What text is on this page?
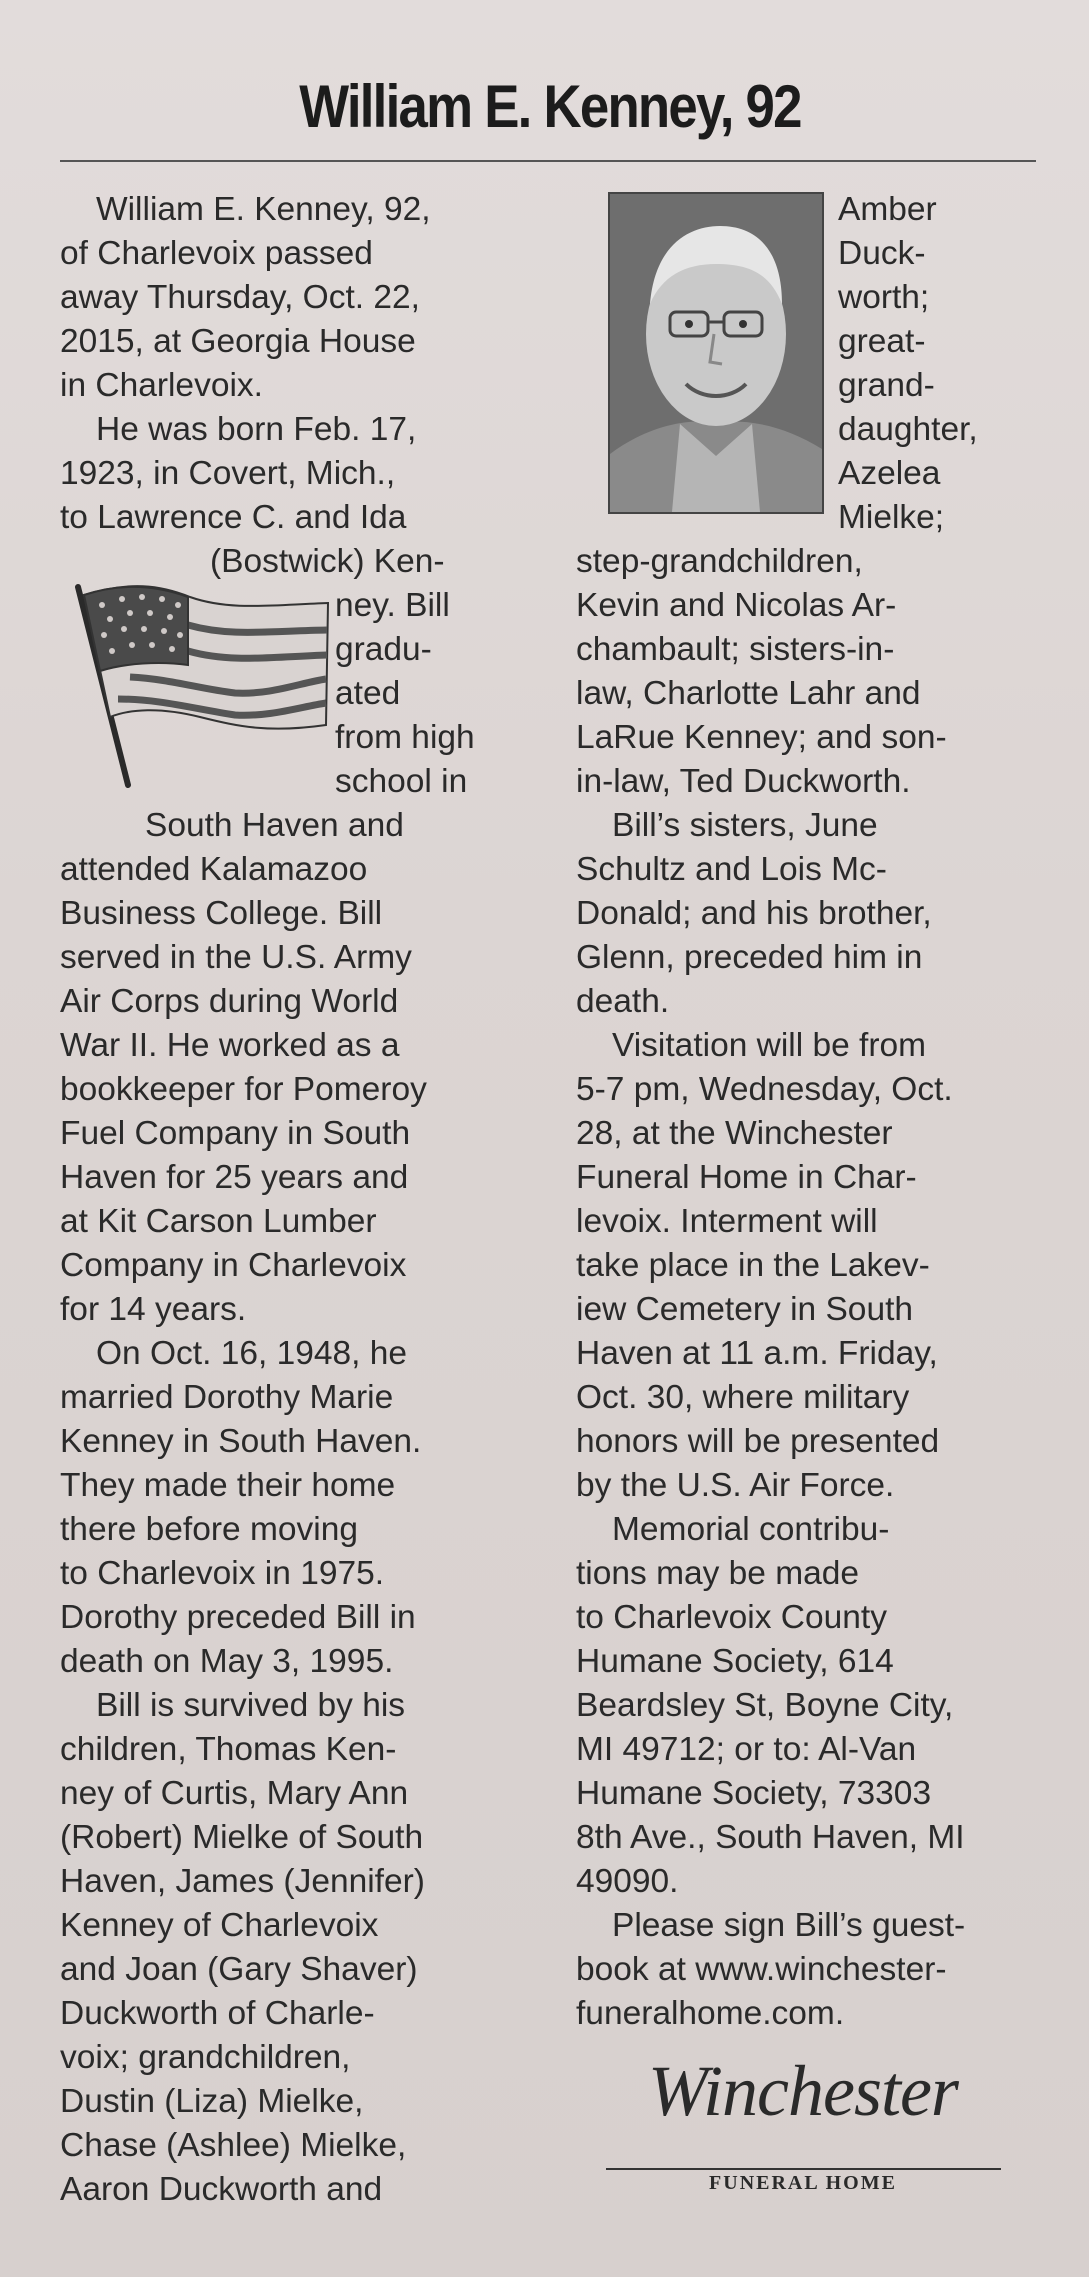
William E. Kenney, 92
William E. Kenney, 92,
of Charlevoix passed
away Thursday, Oct. 22,
2015, at Georgia House
in Charlevoix.
He was born Feb. 17,
1923, in Covert, Mich.,
to Lawrence C. and Ida
(Bostwick) Ken-
ney. Bill
gradu-
ated
from high
school in
South Haven and
attended Kalamazoo
Business College. Bill
served in the U.S. Army
Air Corps during World
War II. He worked as a
bookkeeper for Pomeroy
Fuel Company in South
Haven for 25 years and
at Kit Carson Lumber
Company in Charlevoix
for 14 years.
On Oct. 16, 1948, he
married Dorothy Marie
Kenney in South Haven.
They made their home
there before moving
to Charlevoix in 1975.
Dorothy preceded Bill in
death on May 3, 1995.
Bill is survived by his
children, Thomas Ken-
ney of Curtis, Mary Ann
(Robert) Mielke of South
Haven, James (Jennifer)
Kenney of Charlevoix
and Joan (Gary Shaver)
Duckworth of Charle-
voix; grandchildren,
Dustin (Liza) Mielke,
Chase (Ashlee) Mielke,
Aaron Duckworth and
Amber
Duck-
worth;
great-
grand-
daughter,
Azelea
Mielke;
step-grandchildren,
Kevin and Nicolas Ar-
chambault; sisters-in-
law, Charlotte Lahr and
LaRue Kenney; and son-
in-law, Ted Duckworth.
Bill’s sisters, June
Schultz and Lois Mc-
Donald; and his brother,
Glenn, preceded him in
death.
Visitation will be from
5-7 pm, Wednesday, Oct.
28, at the Winchester
Funeral Home in Char-
levoix. Interment will
take place in the Lakev-
iew Cemetery in South
Haven at 11 a.m. Friday,
Oct. 30, where military
honors will be presented
by the U.S. Air Force.
Memorial contribu-
tions may be made
to Charlevoix County
Humane Society, 614
Beardsley St, Boyne City,
MI 49712; or to: Al-Van
Humane Society, 73303
8th Ave., South Haven, MI
49090.
Please sign Bill’s guest-
book at www.winchester-
funeralhome.com.
Winchester
FUNERAL HOME
